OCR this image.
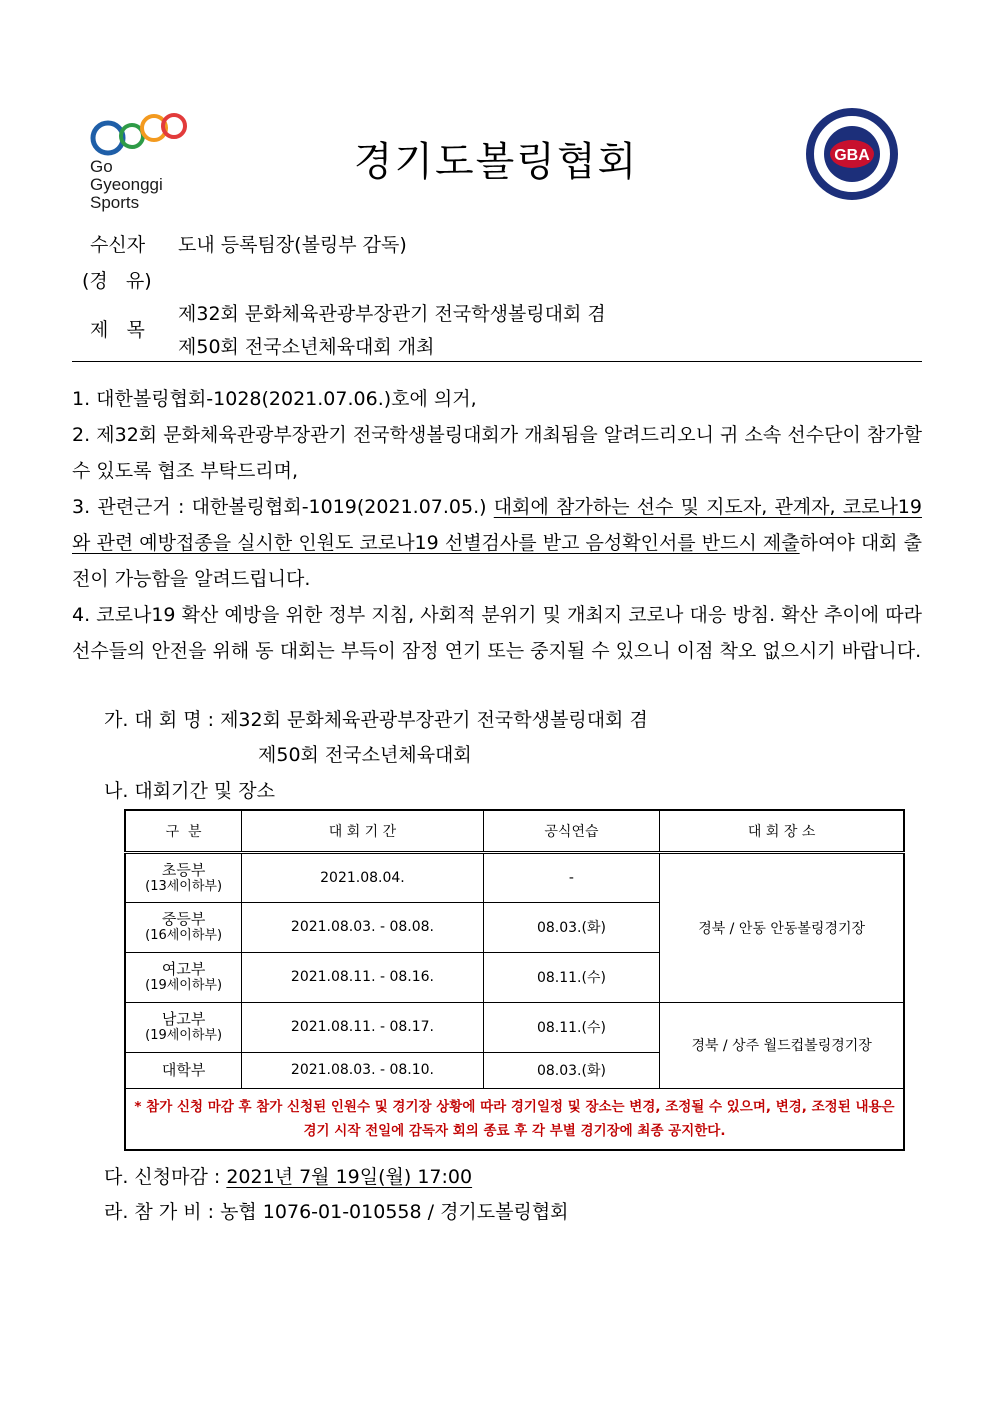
Go
Gyeonggi
Sports
경기도볼링협회
GYEONGGI-DO
BOWLING ASSOCIATION
GBA
수신자 도내 등록팀장(볼링부 감독)
(경   유)
제   목
제32회 문화체육관광부장관기 전국학생볼링대회 겸
제50회 전국소년체육대회 개최

1. 대한볼링협회-1028(2021.07.06.)호에 의거,

2. 제32회 문화체육관광부장관기 전국학생볼링대회가 개최됨을 알려드리오니 귀 소속 선수단이 참가할수 있도록 협조 부탁드리며,

3. 관련근거 : 대한볼링협회-1019(2021.07.05.) 대회에 참가하는 선수 및 지도자, 관계자, 코로나19와 관련 예방접종을 실시한 인원도 코로나19 선별검사를 받고 음성확인서를 반드시 제출하여야 대회 출전이 가능함을 알려드립니다.

4. 코로나19 확산 예방을 위한 정부 지침, 사회적 분위기 및 개최지 코로나 대응 방침. 확산 추이에 따라 선수들의 안전을 위해 동 대회는 부득이 잠정 연기 또는 중지될 수 있으니 이점 착오 없으시기 바랍니다.

가. 대 회 명 : 제32회 문화체육관광부장관기 전국학생볼링대회 겸
제50회 전국소년체육대회
나. 대회기간 및 장소
구  분	대 회 기 간	공식연습	대 회 장 소

초등부
(13세이하부)	2021.08.04.	-	경북 / 안동 안동볼링경기장

중등부
(16세이하부)	2021.08.03. - 08.08.	08.03.(화)	

여고부
(19세이하부)	2021.08.11. - 08.16.	08.11.(수)	

남고부
(19세이하부)	2021.08.11. - 08.17.	08.11.(수)	경북 / 상주 월드컵볼링경기장

대학부	2021.08.03. - 08.10.	08.03.(화)	
* 참가 신청 마감 후 참가 신청된 인원수 및 경기장 상황에 따라 경기일정 및 장소는 변경, 조정될 수 있으며, 변경, 조정된 내용은 경기 시작 전일에 감독자 회의 종료 후 각 부별 경기장에 최종 공지한다.			
다. 신청마감 : 2021년 7월 19일(월) 17:00
라. 참 가 비 : 농협 1076-01-010558 / 경기도볼링협회
